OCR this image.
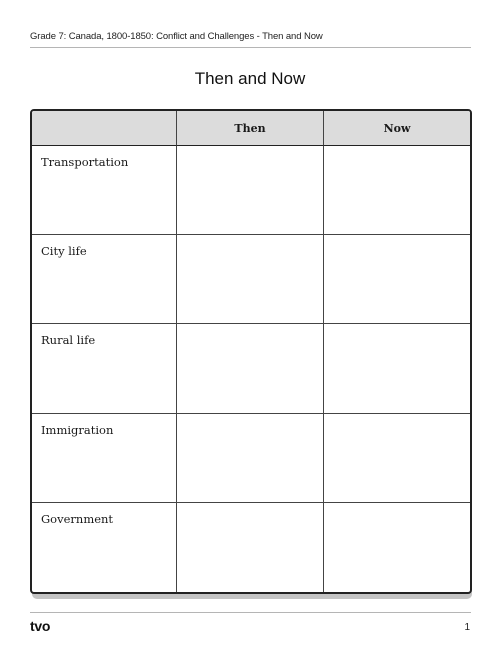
Grade 7: Canada, 1800-1850: Conflict and Challenges - Then and Now
Then and Now
Then	Now
Transportation
City life
Rural life
Immigration
Government
tvo	1
